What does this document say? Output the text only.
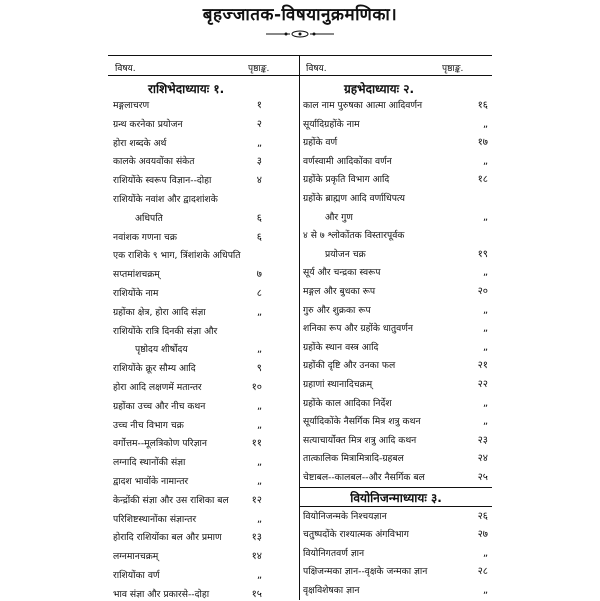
बृहज्जातक-विषयानुक्रमणिका।
विषय.	पृष्ठाङ्क.	विषय.	पृष्ठाङ्क.
राशिभेदाध्यायः १.	ग्रहभेदाध्यायः २.
वियोनिजन्माध्यायः ३.
मङ्गलाचरण	१
ग्रन्थ करनेका प्रयोजन	२
होरा शब्दके अर्थ	„
कालके अवयवोंका संकेत	३
राशियोंके स्वरूप विज्ञान--दोहा	४
राशियोंके नवांश और द्वादशांशके
अधिपति	६
नवांशक गणना चक्र	६
एक राशिके ९ भाग, त्रिंशांशके अधिपति
सप्तमांशचक्रम्	७
राशियोंके नाम	८
ग्रहोंका क्षेत्र, होरा आदि संज्ञा	„
राशियोंके रात्रि दिनकी संज्ञा और
पृष्ठोदय शीर्षोदय	„
राशियोंके क्रूर सौम्य आदि	९
होरा आदि लक्षणमें मतान्तर	१०
ग्रहोंका उच्च और नीच कथन	„
उच्च नीच विभाग चक्र	„
वर्गोत्तम--मूलत्रिकोण परिज्ञान	११
लग्नादि स्थानोंकी संज्ञा	„
द्वादश भावोंके नामान्तर	„
केन्द्रोंकी संज्ञा और उस राशिका बल	१२
परिशिष्टस्थानोंका संज्ञान्तर	„
होरादि राशियोंका बल और प्रमाण	१३
लग्नमानचक्रम्	१४
राशियोंका वर्ण	„
भाव संज्ञा और प्रकारसे--दोहा	१५
काल नाम पुरुषका आत्मा आदिवर्णन	१६
सूर्यादिग्रहोंके नाम	„
ग्रहोंके वर्ण	१७
वर्णस्वामी आदिकोंका वर्णन	„
ग्रहोंके प्रकृति विभाग आदि	१८
ग्रहोंके ब्राह्मण आदि वर्णाधिपत्य
और गुण	„
४ से ७ श्लोकोंतक विस्तारपूर्वक
प्रयोजन चक्र	१९
सूर्य और चन्द्रका स्वरूप	„
मङ्गल और बुधका रूप	२०
गुरु और शुक्रका रूप	„
शनिका रूप और ग्रहोंके धातुवर्णन	„
ग्रहोंके स्थान वस्त्र आदि	„
ग्रहोंकी दृष्टि और उनका फल	२१
ग्रहाणां स्थानादिचक्रम्	२२
ग्रहोंके काल आदिका निर्देश	„
सूर्यादिकोंके नैसर्गिक मित्र शत्रु कथन	„
सत्याचार्योक्त मित्र शत्रु आदि कथन	२३
तात्कालिक मित्रामित्रादि-ग्रहबल	२४
चेष्टाबल--कालबल--और नैसर्गिक बल	२५
वियोनिजन्मके निश्चयज्ञान	२६
चतुष्पदोंके राश्यात्मक अंगविभाग	२७
वियोनिगतवर्ण ज्ञान	„
पक्षिजन्मका ज्ञान--वृक्षके जन्मका ज्ञान	२८
वृक्षविशेषका ज्ञान	„
